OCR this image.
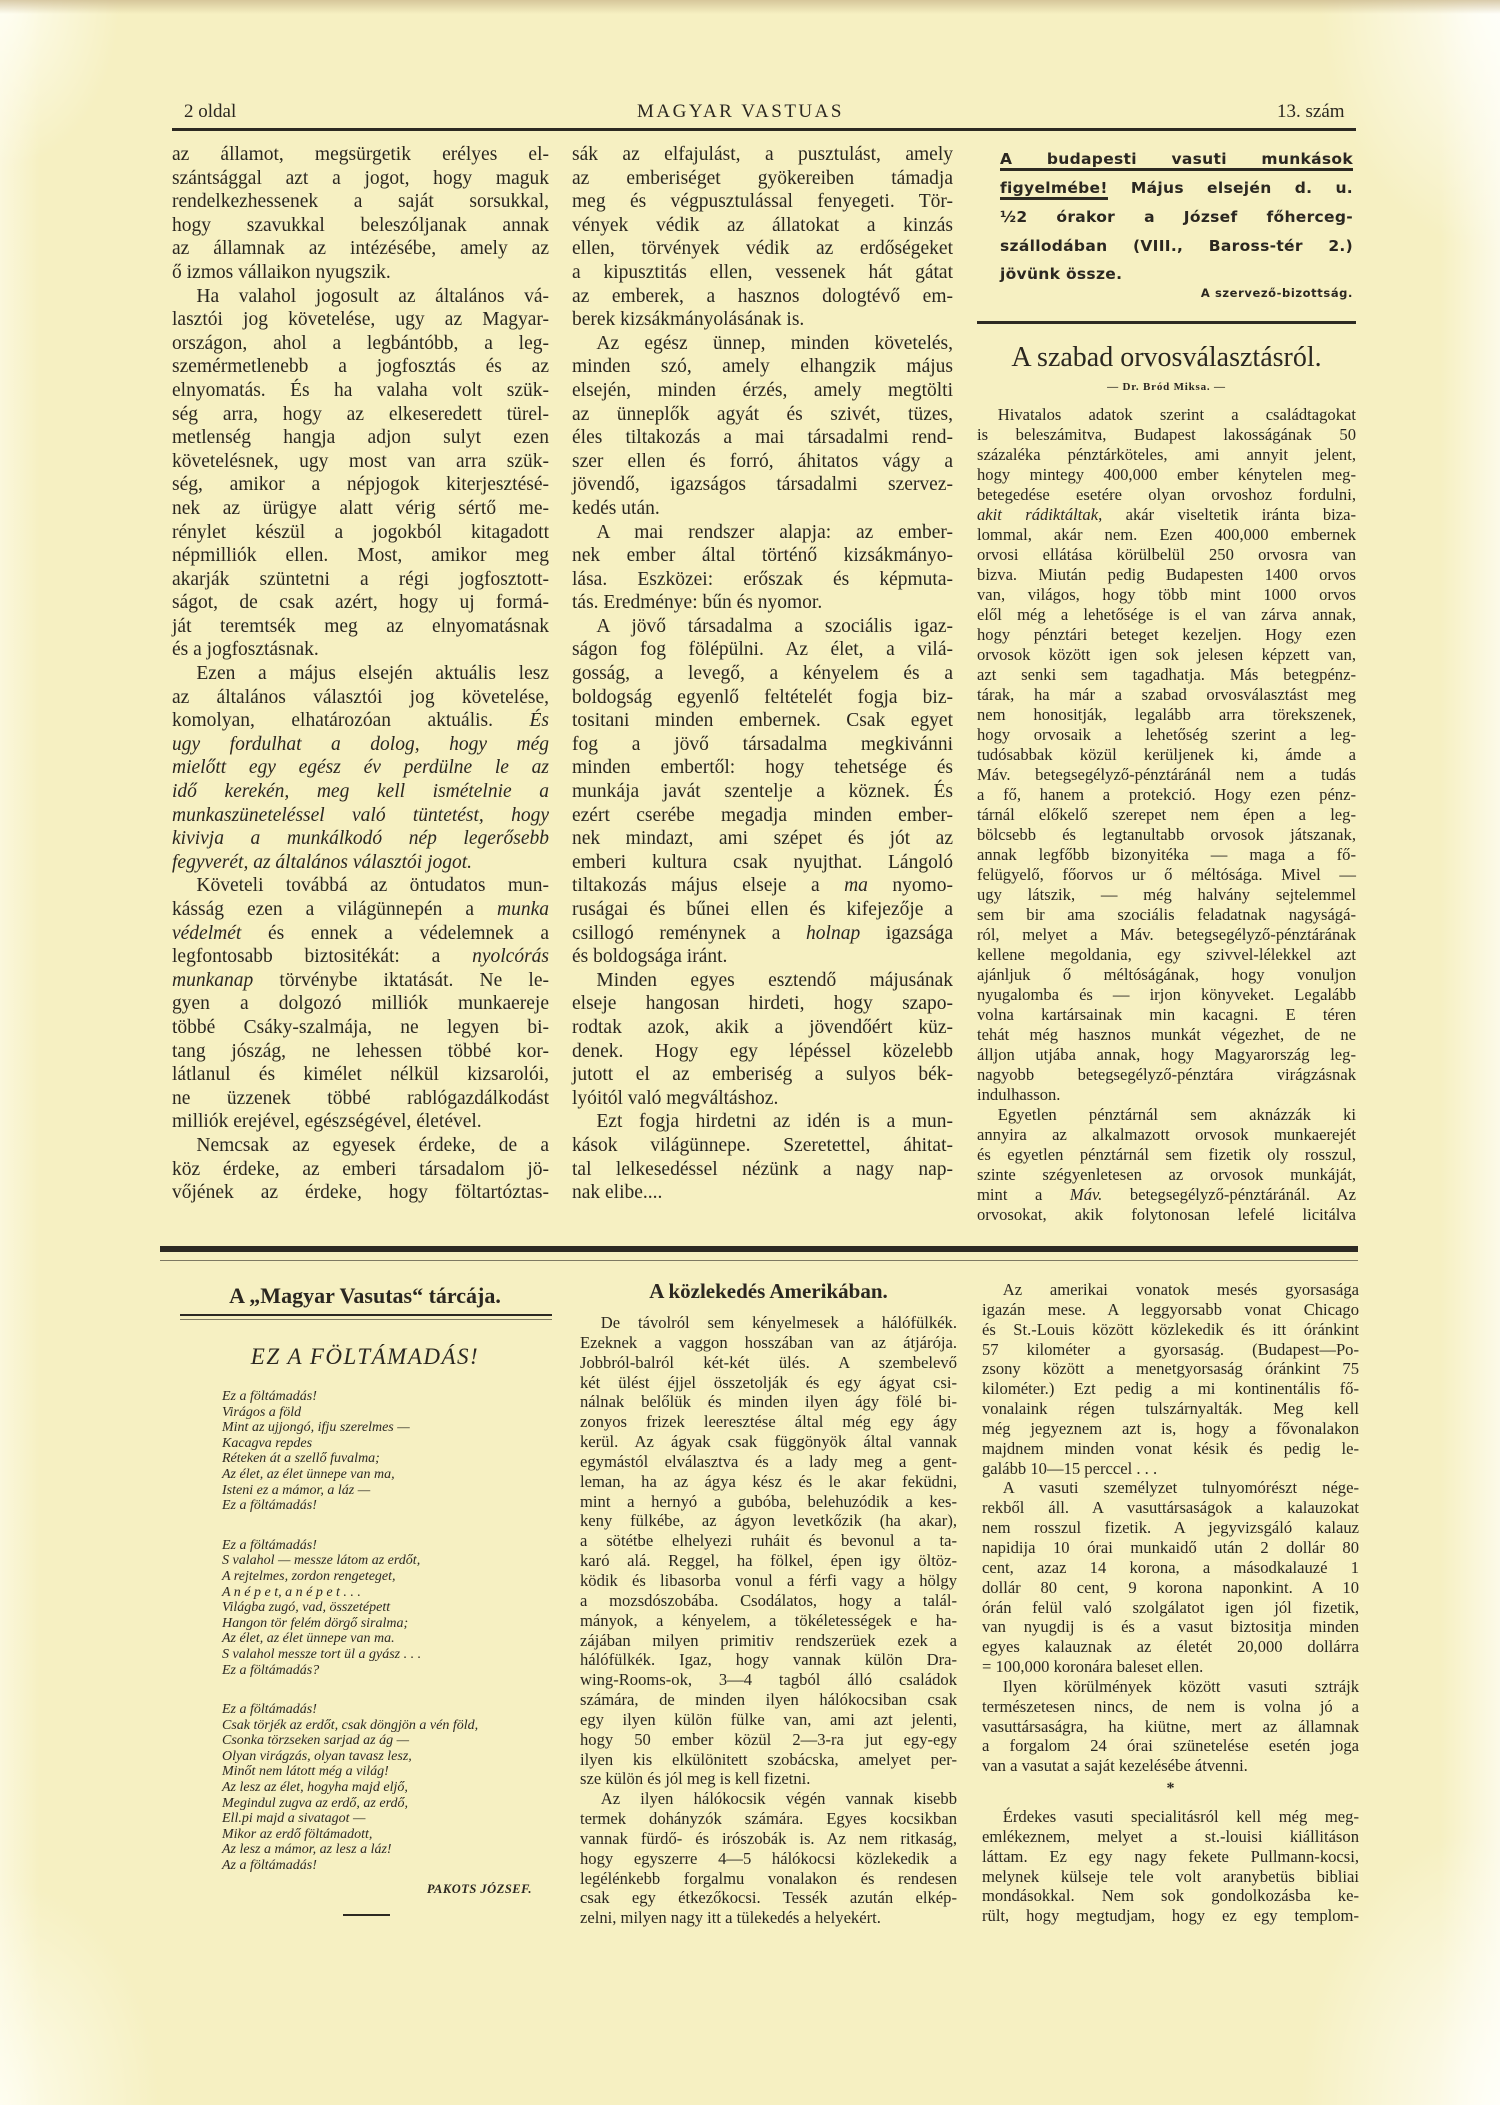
2 oldal	MAGYAR VASTUAS	13. szám
az államot, megsürgetik erélyes el-
szántsággal azt a jogot, hogy maguk
rendelkezhessenek a saját sorsukkal,
hogy szavukkal beleszóljanak annak
az államnak az intézésébe, amely az
ő izmos vállaikon nyugszik.
Ha valahol jogosult az általános vá-
lasztói jog követelése, ugy az Magyar-
országon, ahol a legbántóbb, a leg-
szemérmetlenebb a jogfosztás és az
elnyomatás. És ha valaha volt szük-
ség arra, hogy az elkeseredett türel-
metlenség hangja adjon sulyt ezen
követelésnek, ugy most van arra szük-
ség, amikor a népjogok kiterjesztésé-
nek az ürügye alatt vérig sértő me-
rénylet készül a jogokból kitagadott
népmilliók ellen. Most, amikor meg
akarják szüntetni a régi jogfosztott-
ságot, de csak azért, hogy uj formá-
ját teremtsék meg az elnyomatásnak
és a jogfosztásnak.
Ezen a május elsején aktuális lesz
az általános választói jog követelése,
komolyan, elhatározóan aktuális. És
ugy fordulhat a dolog, hogy még
mielőtt egy egész év perdülne le az
idő kerekén, meg kell ismételnie a
munkaszüneteléssel való tüntetést, hogy
kivivja a munkálkodó nép legerősebb
fegyverét, az általános választói jogot.
Követeli továbbá az öntudatos mun-
kásság ezen a világünnepén a munka
védelmét és ennek a védelemnek a
legfontosabb biztositékát: a nyolcórás
munkanap törvénybe iktatását. Ne le-
gyen a dolgozó milliók munkaereje
többé Csáky-szalmája, ne legyen bi-
tang jószág, ne lehessen többé kor-
látlanul és kimélet nélkül kizsarolói,
ne üzzenek többé rablógazdálkodást
milliók erejével, egészségével, életével.
Nemcsak az egyesek érdeke, de a
köz érdeke, az emberi társadalom jö-
vőjének az érdeke, hogy föltartóztas-
sák az elfajulást, a pusztulást, amely
az emberiséget gyökereiben támadja
meg és végpusztulással fenyegeti. Tör-
vények védik az állatokat a kinzás
ellen, törvények védik az erdőségeket
a kipusztitás ellen, vessenek hát gátat
az emberek, a hasznos dologtévő em-
berek kizsákmányolásának is.
Az egész ünnep, minden követelés,
minden szó, amely elhangzik május
elsején, minden érzés, amely megtölti
az ünneplők agyát és szivét, tüzes,
éles tiltakozás a mai társadalmi rend-
szer ellen és forró, áhitatos vágy a
jövendő, igazságos társadalmi szervez-
kedés után.
A mai rendszer alapja: az ember-
nek ember által történő kizsákmányo-
lása. Eszközei: erőszak és képmuta-
tás. Eredménye: bűn és nyomor.
A jövő társadalma a szociális igaz-
ságon fog fölépülni. Az élet, a vilá-
gosság, a levegő, a kényelem és a
boldogság egyenlő feltételét fogja biz-
tositani minden embernek. Csak egyet
fog a jövő társadalma megkivánni
minden embertől: hogy tehetsége és
munkája javát szentelje a köznek. És
ezért cserébe megadja minden ember-
nek mindazt, ami szépet és jót az
emberi kultura csak nyujthat. Lángoló
tiltakozás május elseje a ma nyomo-
ruságai és bűnei ellen és kifejezője a
csillogó reménynek a holnap igazsága
és boldogsága iránt.
Minden egyes esztendő májusának
elseje hangosan hirdeti, hogy szapo-
rodtak azok, akik a jövendőért küz-
denek. Hogy egy lépéssel közelebb
jutott el az emberiség a sulyos bék-
lyóitól való megváltáshoz.
Ezt fogja hirdetni az idén is a mun-
kások világünnepe. Szeretettel, áhitat-
tal lelkesedéssel nézünk a nagy nap-
nak elibe....
A budapesti vasuti munkások
figyelmébe! Május elsején d. u.
½2 órakor a József főherceg-
szállodában (VIII., Baross-tér 2.)
jövünk össze.
A szervező-bizottság.
A szabad orvosválasztásról.
— Dr. Bród Miksa. —
Hivatalos adatok szerint a családtagokat
is beleszámitva, Budapest lakosságának 50
százaléka pénztárköteles, ami annyit jelent,
hogy mintegy 400,000 ember kénytelen meg-
betegedése esetére olyan orvoshoz fordulni,
akit rádiktáltak, akár viseltetik iránta biza-
lommal, akár nem. Ezen 400,000 embernek
orvosi ellátása körülbelül 250 orvosra van
bizva. Miután pedig Budapesten 1400 orvos
van, világos, hogy több mint 1000 orvos
elől még a lehetősége is el van zárva annak,
hogy pénztári beteget kezeljen. Hogy ezen
orvosok között igen sok jelesen képzett van,
azt senki sem tagadhatja. Más betegpénz-
tárak, ha már a szabad orvosválasztást meg
nem honositják, legalább arra törekszenek,
hogy orvosaik a lehetőség szerint a leg-
tudósabbak közül kerüljenek ki, ámde a
Máv. betegsegélyző-pénztáránál nem a tudás
a fő, hanem a protekció. Hogy ezen pénz-
tárnál előkelő szerepet nem épen a leg-
bölcsebb és legtanultabb orvosok játszanak,
annak legfőbb bizonyitéka — maga a fő-
felügyelő, főorvos ur ő méltósága. Mivel —
ugy látszik, — még halvány sejtelemmel
sem bir ama szociális feladatnak nagyságá-
ról, melyet a Máv. betegsegélyző-pénztárának
kellene megoldania, egy szivvel-lélekkel azt
ajánljuk ő méltóságának, hogy vonuljon
nyugalomba és — irjon könyveket. Legalább
volna kartársainak min kacagni. E téren
tehát még hasznos munkát végezhet, de ne
álljon utjába annak, hogy Magyarország leg-
nagyobb betegsegélyző-pénztára virágzásnak
indulhasson.
Egyetlen pénztárnál sem aknázzák ki
annyira az alkalmazott orvosok munkaerejét
és egyetlen pénztárnál sem fizetik oly rosszul,
szinte szégyenletesen az orvosok munkáját,
mint a Máv. betegsegélyző-pénztáránál. Az
orvosokat, akik folytonosan lefelé licitálva
A „Magyar Vasutas“ tárcája.
EZ A FÖLTÁMADÁS!
Ez a föltámadás!
Virágos a föld
Mint az ujjongó, ifju szerelmes —
Kacagva repdes
Réteken át a szellő fuvalma;
Az élet, az élet ünnepe van ma,
Isteni ez a mámor, a láz —
Ez a föltámadás!
Ez a föltámadás!
S valahol — messze látom az erdőt,
A rejtelmes, zordon rengeteget,
A n é p e t, a n é p e t . . .
Világba zugó, vad, összetépett
Hangon tör felém dörgő siralma;
Az élet, az élet ünnepe van ma.
S valahol messze tort ül a gyász . . .
Ez a föltámadás?
Ez a föltámadás!
Csak törjék az erdőt, csak döngjön a vén föld,
Csonka törzseken sarjad az ág —
Olyan virágzás, olyan tavasz lesz,
Minőt nem látott még a világ!
Az lesz az élet, hogyha majd eljő,
Megindul zugva az erdő, az erdő,
Ell.pi majd a sivatagot —
Mikor az erdő föltámadott,
Az lesz a mámor, az lesz a láz!
Az a föltámadás!
PAKOTS JÓZSEF.
A közlekedés Amerikában.
De távolról sem kényelmesek a hálófülkék.
Ezeknek a vaggon hosszában van az átjárója.
Jobbról-balról két-két ülés. A szembelevő
két ülést éjjel összetolják és egy ágyat csi-
nálnak belőlük és minden ilyen ágy fölé bi-
zonyos frizek leeresztése által még egy ágy
kerül. Az ágyak csak függönyök által vannak
egymástól elválasztva és a lady meg a gent-
leman, ha az ágya kész és le akar feküdni,
mint a hernyó a gubóba, belehuzódik a kes-
keny fülkébe, az ágyon levetkőzik (ha akar),
a sötétbe elhelyezi ruháit és bevonul a ta-
karó alá. Reggel, ha fölkel, épen igy öltöz-
ködik és libasorba vonul a férfi vagy a hölgy
a mozsdószobába. Csodálatos, hogy a talál-
mányok, a kényelem, a tökéletességek e ha-
zájában milyen primitiv rendszerüek ezek a
hálófülkék. Igaz, hogy vannak külön Dra-
wing-Rooms-ok, 3—4 tagból álló családok
számára, de minden ilyen hálókocsiban csak
egy ilyen külön fülke van, ami azt jelenti,
hogy 50 ember közül 2—3-ra jut egy-egy
ilyen kis elkülönitett szobácska, amelyet per-
sze külön és jól meg is kell fizetni.
Az ilyen hálókocsik végén vannak kisebb
termek dohányzók számára. Egyes kocsikban
vannak fürdő- és irószobák is. Az nem ritkaság,
hogy egyszerre 4—5 hálókocsi közlekedik a
legélénkebb forgalmu vonalakon és rendesen
csak egy étkezőkocsi. Tessék azután elkép-
zelni, milyen nagy itt a tülekedés a helyekért.
Az amerikai vonatok mesés gyorsasága
igazán mese. A leggyorsabb vonat Chicago
és St.-Louis között közlekedik és itt óránkint
57 kilométer a gyorsaság. (Budapest—Po-
zsony között a menetgyorsaság óránkint 75
kilométer.) Ezt pedig a mi kontinentális fő-
vonalaink régen tulszárnyalták. Meg kell
még jegyeznem azt is, hogy a fővonalakon
majdnem minden vonat késik és pedig le-
galább 10—15 perccel . . .
A vasuti személyzet tulnyomórészt nége-
rekből áll. A vasuttársaságok a kalauzokat
nem rosszul fizetik. A jegyvizsgáló kalauz
napidija 10 órai munkaidő után 2 dollár 80
cent, azaz 14 korona, a másodkalauzé 1
dollár 80 cent, 9 korona naponkint. A 10
órán felül való szolgálatot igen jól fizetik,
van nyugdij is és a vasut biztositja minden
egyes kalauznak az életét 20,000 dollárra
= 100,000 koronára baleset ellen.
Ilyen körülmények között vasuti sztrájk
természetesen nincs, de nem is volna jó a
vasuttársaságra, ha kiütne, mert az államnak
a forgalom 24 órai szünetelése esetén joga
van a vasutat a saját kezelésébe átvenni.
*
Érdekes vasuti specialitásról kell még meg-
emlékeznem, melyet a st.-louisi kiállitáson
láttam. Ez egy nagy fekete Pullmann-kocsi,
melynek külseje tele volt aranybetüs bibliai
mondásokkal. Nem sok gondolkozásba ke-
rült, hogy megtudjam, hogy ez egy templom-
